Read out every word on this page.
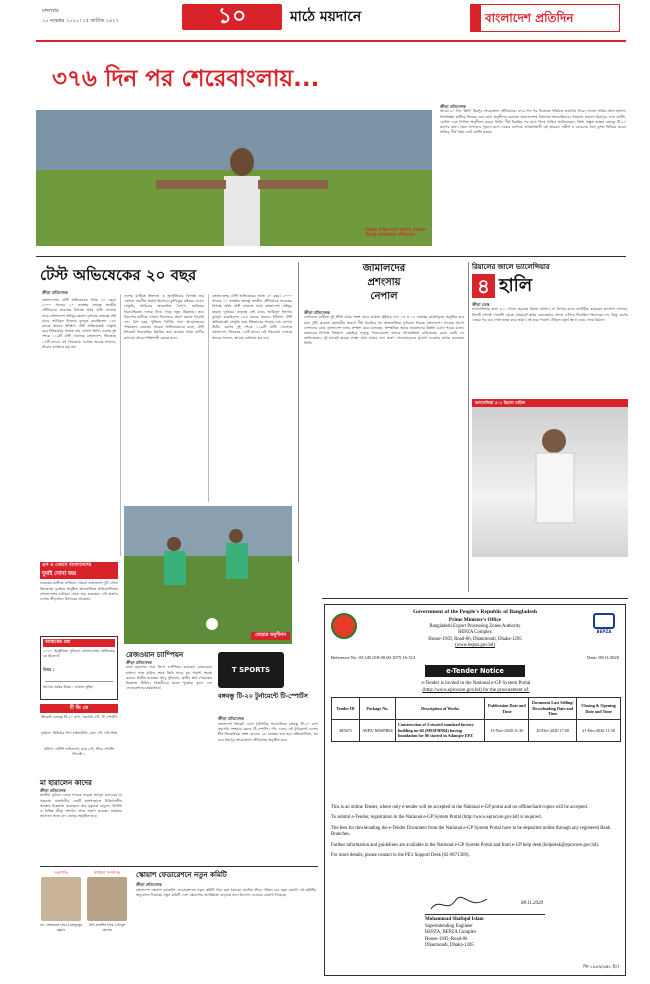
মঙ্গলবার
১০ নভেম্বর ২০২০। ২৫ কার্তিক ১৪২৭	১০	মাঠে ময়দানে	বাংলাদেশ প্রতিদিন
৩৭৬ দিন পর শেরেবাংলায়...
নিজের সাকিব আল হাসান। গতকাল
মিরপুর শেরেবাংলা স্টেডিয়ামে
ক্রীড়া প্রতিবেদক
আরো ৯০ দিন ‘তিনি’ মিরপুর শেরেবাংলা স্টেডিয়ামে। ৩৭৬ দিন পর নিজেকে পরিচিত জায়গায় ফিরে পেলেন সাকিব আল হাসান। নিষেধাজ্ঞা কাটিয়ে নিজের চেনা মাঠে অনুশীলন করলেন বাংলাদেশের বিশ্বসেরা অলরাউন্ডার। গতকাল সকালে মিরপুরে এসে ব্যাটিং, বোলিং এবং ফিল্ডিং অনুশীলন করেন তিনি। দীর্ঘ বিরতির পর মাঠে ফিরে সাকিব জানিয়েছেন, তিনি প্রস্তুত হচ্ছেন বঙ্গবন্ধু টি-২০ কাপের জন্য। সময় লাগলেও পুরনো ছন্দে ফেরার ব্যাপারে আত্মবিশ্বাসী এই তারকা। সতীর্থ ও কোচদের সঙ্গে কুশল বিনিময় করেন সাকিব, দীর্ঘ সময় নেটে ব্যাটিং করেন।
টেস্ট অভিষেকের ২০ বছর
ক্রীড়া প্রতিবেদক
বাংলাদেশের টেস্ট অভিষেকের আজ ২০ বছর। ২০০০ সালের ১০ নভেম্বর বঙ্গবন্ধু জাতীয় স্টেডিয়ামে ভারতের বিপক্ষে প্রথম টেস্ট খেলতে নামে বাংলাদেশ। নাঈমুর রহমান দুর্জয়ের নেতৃত্বে সেই ম্যাচে আমিনুল ইসলাম বুলবুল করেছিলেন ১৪৫ রানের অনবদ্য ইনিংস। টেস্ট অভিষেকেই সেঞ্চুরি করে ইতিহাসের পাতায় নাম লেখান তিনি। এরপর দুই দশকে ১১৯টি টেস্ট খেলেছে বাংলাদেশ, জিতেছে ১৪টি ম্যাচে। এই পথচলায় এসেছে অনেক সাফল্য, আবার ব্যর্থতাও কম নয়।
দেশের মাটিতে ইংল্যান্ড ও অস্ট্রেলিয়ার বিপক্ষে জয় এসেছে স্মরণীয় অর্জন হিসেবে। মুশফিকুর রহিমের ডাবল সেঞ্চুরি, সাকিবের অলরাউন্ড নৈপুণ্য, তামিমের ধারাবাহিকতা দলকে নিয়ে গেছে নতুন উচ্চতায়। তবে বিদেশের মাটিতে এখনো নিজেদের প্রমাণ করতে পারেনি দল। বিশ বছর পূর্তিতে বিসিবি নানা আয়োজনের পরিকল্পনা করেছে। সাবেক অধিনায়কদের মতে, টেস্ট ক্রিকেটে ধারাবাহিক উন্নতির জন্য ঘরোয়া প্রথম শ্রেণির কাঠামো আরো শক্তিশালী করতে হবে।
বাংলাদেশের টেস্ট অভিষেকের আজ ২০ বছর। ২০০০ সালের ১০ নভেম্বর বঙ্গবন্ধু জাতীয় স্টেডিয়ামে ভারতের বিপক্ষে প্রথম টেস্ট খেলতে নামে বাংলাদেশ। নাঈমুর রহমান দুর্জয়ের নেতৃত্বে সেই ম্যাচে আমিনুল ইসলাম বুলবুল করেছিলেন ১৪৫ রানের অনবদ্য ইনিংস। টেস্ট অভিষেকেই সেঞ্চুরি করে ইতিহাসের পাতায় নাম লেখান তিনি। এরপর দুই দশকে ১১৯টি টেস্ট খেলেছে বাংলাদেশ, জিতেছে ১৪টি ম্যাচে। এই পথচলায় এসেছে অনেক সাফল্য, আবার ব্যর্থতাও কম নয়।
দোহারে অনুশীলন
এস এ গেমসে বাংলাদেশের
দুবাই সোনা জয়
ভারতের মাটিতে এশিয়ান গেমসে বাংলাদেশ দুটি সোনা জিতেছে। দুবাইয়ে অনুষ্ঠিত আন্তর্জাতিক প্রতিযোগিতায় বাংলাদেশের শুটাররা সোনা জয় করেছেন। এই অর্জনে দেশের ক্রীড়াঙ্গনে উৎসবের আমেজ।
আজকের প্রশ্ন
২০২০ অস্ট্রেলিয়া ফুটবলে বাংলাদেশের অধিনায়ক কে ছিলেন?
উত্তর :
আগের প্রশ্নের উত্তর : জামাল ভূঁইয়া
টি ভি তে
ক্রিকেট: বঙ্গবন্ধু টি-২০ কাপ, সরাসরি ৫টা, টি স্পোর্টস
ফুটবল: প্রিমিয়ার লিগ হাইলাইটস, রাত ১টা, সনি সিক্স
টেনিস: এটিপি ফাইনালস, রাত ৮টা, স্টার স্পোর্টস সিলেক্ট ১
মা হারালেন কাদের
ক্রীড়া প্রতিবেদক
জাতীয় ফুটবল দলের সাবেক তারকা আব্দুল কাদেরের মা গতকাল রাজধানীর একটি হাসপাতালে চিকিৎসাধীন অবস্থায় ইন্তেকাল করেছেন। তার মৃত্যুতে বাফুফে, বিসিবি ও বিভিন্ন ক্রীড়া সংগঠন শোক প্রকাশ করেছে। মরহুমার জানাজা আজ বাদ জোহর অনুষ্ঠিত হবে।
রেজওয়ান চ্যাম্পিয়ন
ক্রীড়া প্রতিবেদক
ঢাকা মহানগর দাবা লিগে চ্যাম্পিয়ন হয়েছেন রেজওয়ান হাসান। সাত রাউন্ড শেষে তিনি সাড়ে ছয় পয়েন্ট সংগ্রহ করেন। দ্বিতীয় হয়েছেন আবু সুফিয়ান, তৃতীয় স্থান পেয়েছেন মিনহাজ উদ্দিন। বিজয়ীদের হাতে পুরস্কার তুলে দেন ফেডারেশনের কর্মকর্তারা।
T SPORTS
বঙ্গবন্ধু টি-২০ টুর্নামেন্টে টি-স্পোর্টস
ক্রীড়া প্রতিবেদক
বাংলাদেশ ক্রিকেট বোর্ড (বিসিবি) আয়োজিত বঙ্গবন্ধু টি-২০ কাপ সরাসরি সম্প্রচার করবে টি-স্পোর্টস। পাঁচ দলের এই টুর্নামেন্টে দেশের শীর্ষ ক্রিকেটাররা অংশ নেবেন। ২৪ নভেম্বর শুরু হবে প্রতিযোগিতা, সব ম্যাচ মিরপুর শেরেবাংলা স্টেডিয়ামে অনুষ্ঠিত হবে।
সভাপতি
লে. জেনারেল (অব.) মাহফুজুর রহমান
সাধারণ সম্পাদক
গ্রুপ ক্যাপ্টেন (অব.) আবুল হোসেন
স্কোয়াশ ফেডারেশনে নতুন কমিটি
ক্রীড়া প্রতিবেদক
বাংলাদেশ স্কোয়াশ র‍্যাকেটস ফেডারেশনের নতুন কমিটি গঠন করা হয়েছে। জাতীয় ক্রীড়া পরিষদ চার বছর মেয়াদি এই কমিটির অনুমোদন দিয়েছে। নতুন কমিটি দেশে স্কোয়াশের জনপ্রিয়তা বাড়াতে নানা উদ্যোগ নেওয়ার ঘোষণা দিয়েছে।
জামালদের
প্রশংসায়
নেপাল
ক্রীড়া প্রতিবেদক
নেপালের মাটিতে দুই প্রীতি ম্যাচে অংশ নেবে জামাল ভূঁইয়ার দল। ১৩ ও ১৭ নভেম্বর কাঠমান্ডুতে অনুষ্ঠিত হবে ম্যাচ দুটি। করোনা মহামারীর কারণে দীর্ঘ বিরতির পর আন্তর্জাতিক ফুটবলে ফিরছে বাংলাদেশ। সফরের আগে নেপালের কোচ বাংলাদেশ দলের প্রশংসা করে বলেছেন, সাম্প্রতিক সময়ে জামালদের উন্নতি চোখে পড়ার মতো। কাতারের বিপক্ষে বিশ্বকাপ বাছাইয়ে লড়াকু পারফরম্যান্স তাদের আত্মবিশ্বাস বাড়িয়েছে। কোচ জেমি ডে জানিয়েছেন, দুই ম্যাচেই জয়ের লক্ষ্যে মাঠে নামবে দল। তরুণ খেলোয়াড়দের সুযোগ দেওয়ার কথাও বলেছেন তিনি।
রিয়ালের জালে ভ্যালেন্সিয়ার
৪ হালি
ক্রীড়া ডেস্ক
ভ্যালেন্সিয়ার মাঠে ৪-১ গোলে হেরেছে রিয়াল মাদ্রিদ। লা লিগার ম্যাচে হ্যাটট্রিক করেছেন কার্লোস সোলার, তিনটি গোলই পেনাল্টি থেকে। প্রথমার্ধে করিম বেনজেমার গোলে এগিয়ে গিয়েছিল জিদানের দল, কিন্তু এরপর একের পর এক গোল হজম করে তারা। এই হারে পয়েন্ট টেবিলে চতুর্থ স্থানে নেমে গেছে রিয়াল।
ভ্যালেন্সিয়া ৪-১ রিয়াল মাদ্রিদ
BEPZA
Government of the People's Republic of Bangladesh
Prime Minister's Office
Bangladesh Export Processing Zones Authority
BEPZA Complex
House-19/D, Road-06, Dhanmondi, Dhaka-1205
(www.bepza.gov.bd)
Reference No. 03.345.018.00.00.1075.16-512	Date: 08/11/2020
e-Tender Notice
e-Tender is invited in the National e-GP System Portal
(http://www.eprocure.gov.bd) for the procurement of:
Tender ID	Package No.	Description of Works	Publication Date and Time	Document Last Selling/ Downloading Date and Time	Closing & Opening Date and Time
485675	AEPZ/ MSSFB04	Construction of 3-storied standard factory building no-04 (MSSFBN04) having foundation for 06 storied in Adamjee EPZ	15-Nov-2020 11:30	20-Dec-2020 17:00	21-Dec-2020 11:30

This is an online Tender, where only e-tender will be accepted in the National e-GP portal and no offline/hard copies will be accepted.

To submit e-Tender, registration in the National e-GP System Portal (http://www.eprocure.gov.bd) is required.

The fees for downloading the e-Tender Document from the National e-GP System Portal have to be deposited online through any registered Bank Branches.

Further information and guidelines are available in the National e-GP System Portal and from e-GP help desk (helpdesk@eprocure.gov.bd).

For more details, please contact to the PE's Support Desk (02-9671369).

08.11.2020
Mohammad Shafiqul Islam
Superintending Engineer
BEPZA, BEPZA Complex
House-19/D, Road-06
Dhanmondi, Dhaka-1205
জি-১৯৪৯(৬x৮ ইঃ)
